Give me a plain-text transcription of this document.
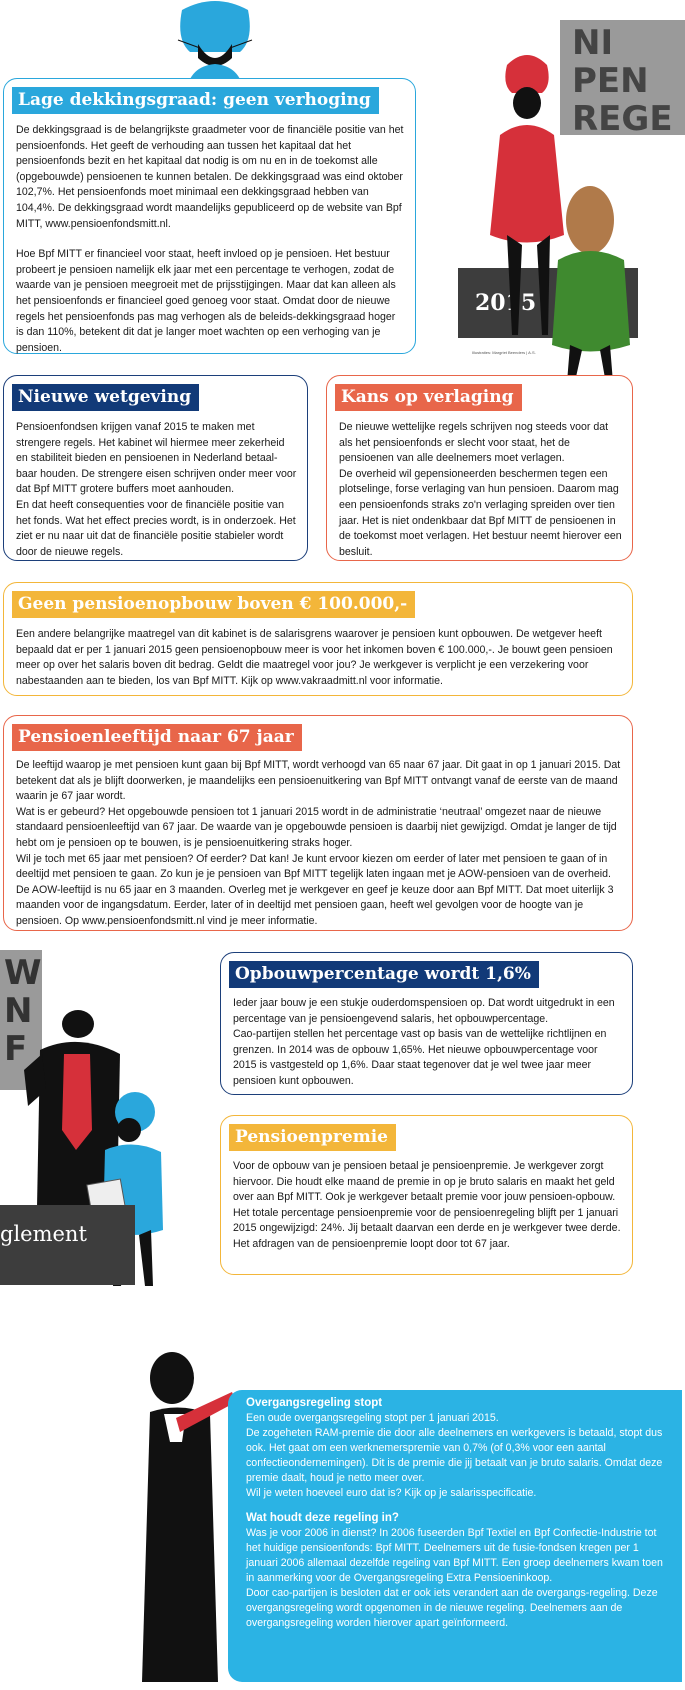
NI
PEN
REGE
2015
Illustraties: Margriet Beenders | A.S.
Lage dekkingsgraad: geen verhoging

De dekkingsgraad is de belangrijkste graadmeter voor de financiële positie van het pensioenfonds. Het geeft de verhouding aan tussen het kapitaal dat het pensioenfonds bezit en het kapitaal dat nodig is om nu en in de toekomst alle (opgebouwde) pensioenen te kunnen betalen. De dekkingsgraad was eind oktober 102,7%. Het pensioenfonds moet minimaal een dekkingsgraad hebben van 104,4%. De dekkingsgraad wordt maandelijks gepubliceerd op de website van Bpf MITT, www.pensioenfondsmitt.nl.

Hoe Bpf MITT er financieel voor staat, heeft invloed op je pensioen. Het bestuur probeert je pensioen namelijk elk jaar met een percentage te verhogen, zodat de waarde van je pensioen meegroeit met de prijsstijgingen. Maar dat kan alleen als het pensioenfonds er financieel goed genoeg voor staat. Omdat door de nieuwe regels het pensioenfonds pas mag verhogen als de beleids-dekkingsgraad hoger is dan 110%, betekent dit dat je langer moet wachten op een verhoging van je pensioen.

Nieuwe wetgeving

Pensioenfondsen krijgen vanaf 2015 te maken met strengere regels. Het kabinet wil hiermee meer zekerheid en stabiliteit bieden en pensioenen in Nederland betaal-baar houden. De strengere eisen schrijven onder meer voor dat Bpf MITT grotere buffers moet aanhouden.

En dat heeft consequenties voor de financiële positie van het fonds. Wat het effect precies wordt, is in onderzoek. Het ziet er nu naar uit dat de financiële positie stabieler wordt door de nieuwe regels.

Kans op verlaging

De nieuwe wettelijke regels schrijven nog steeds voor dat als het pensioenfonds er slecht voor staat, het de pensioenen van alle deelnemers moet verlagen.

De overheid wil gepensioneerden beschermen tegen een plotselinge, forse verlaging van hun pensioen. Daarom mag een pensioenfonds straks zo'n verlaging spreiden over tien jaar. Het is niet ondenkbaar dat Bpf MITT de pensioenen in de toekomst moet verlagen. Het bestuur neemt hierover een besluit.

Geen pensioenopbouw boven € 100.000,-

Een andere belangrijke maatregel van dit kabinet is de salarisgrens waarover je pensioen kunt opbouwen. De wetgever heeft bepaald dat er per 1 januari 2015 geen pensioenopbouw meer is voor het inkomen boven € 100.000,-. Je bouwt geen pensioen meer op over het salaris boven dit bedrag. Geldt die maatregel voor jou? Je werkgever is verplicht je een verzekering voor nabestaanden aan te bieden, los van Bpf MITT. Kijk op www.vakraadmitt.nl voor informatie.

Pensioenleeftijd naar 67 jaar

De leeftijd waarop je met pensioen kunt gaan bij Bpf MITT, wordt verhoogd van 65 naar 67 jaar. Dit gaat in op 1 januari 2015. Dat betekent dat als je blijft doorwerken, je maandelijks een pensioenuitkering van Bpf MITT ontvangt vanaf de eerste van de maand waarin je 67 jaar wordt.

Wat is er gebeurd? Het opgebouwde pensioen tot 1 januari 2015 wordt in de administratie ‘neutraal’ omgezet naar de nieuwe standaard pensioenleeftijd van 67 jaar. De waarde van je opgebouwde pensioen is daarbij niet gewijzigd. Omdat je langer de tijd hebt om je pensioen op te bouwen, is je pensioenuitkering straks hoger.

Wil je toch met 65 jaar met pensioen? Of eerder? Dat kan! Je kunt ervoor kiezen om eerder of later met pensioen te gaan of in deeltijd met pensioen te gaan. Zo kun je je pensioen van Bpf MITT tegelijk laten ingaan met je AOW-pensioen van de overheid. De AOW-leeftijd is nu 65 jaar en 3 maanden. Overleg met je werkgever en geef je keuze door aan Bpf MITT. Dat moet uiterlijk 3 maanden voor de ingangsdatum. Eerder, later of in deeltijd met pensioen gaan, heeft wel gevolgen voor de hoogte van je pensioen. Op www.pensioenfondsmitt.nl vind je meer informatie.

W
N
F
glement
Opbouwpercentage wordt 1,6%

Ieder jaar bouw je een stukje ouderdomspensioen op. Dat wordt uitgedrukt in een percentage van je pensioengevend salaris, het opbouwpercentage.

Cao-partijen stellen het percentage vast op basis van de wettelijke richtlijnen en grenzen. In 2014 was de opbouw 1,65%. Het nieuwe opbouwpercentage voor 2015 is vastgesteld op 1,6%. Daar staat tegenover dat je wel twee jaar meer pensioen kunt opbouwen.

Pensioenpremie

Voor de opbouw van je pensioen betaal je pensioenpremie. Je werkgever zorgt hiervoor. Die houdt elke maand de premie in op je bruto salaris en maakt het geld over aan Bpf MITT. Ook je werkgever betaalt premie voor jouw pensioen-opbouw.

Het totale percentage pensioenpremie voor de pensioenregeling blijft per 1 januari 2015 ongewijzigd: 24%. Jij betaalt daarvan een derde en je werkgever twee derde. Het afdragen van de pensioenpremie loopt door tot 67 jaar.

Overgangsregeling stopt
Een oude overgangsregeling stopt per 1 januari 2015.
De zogeheten RAM-premie die door alle deelnemers en werkgevers is betaald, stopt dus ook. Het gaat om een werknemerspremie van 0,7% (of 0,3% voor een aantal confectieondernemingen). Dit is de premie die jij betaalt van je bruto salaris. Omdat deze premie daalt, houd je netto meer over.
Wil je weten hoeveel euro dat is? Kijk op je salarisspecificatie.
Wat houdt deze regeling in?
Was je voor 2006 in dienst? In 2006 fuseerden Bpf Textiel en Bpf Confectie-Industrie tot het huidige pensioenfonds: Bpf MITT. Deelnemers uit de fusie-fondsen kregen per 1 januari 2006 allemaal dezelfde regeling van Bpf MITT. Een groep deelnemers kwam toen in aanmerking voor de Overgangsregeling Extra Pensioeninkoop.
Door cao-partijen is besloten dat er ook iets verandert aan de overgangs-regeling. Deze overgangsregeling wordt opgenomen in de nieuwe regeling. Deelnemers aan de overgangsregeling worden hierover apart geïnformeerd.
